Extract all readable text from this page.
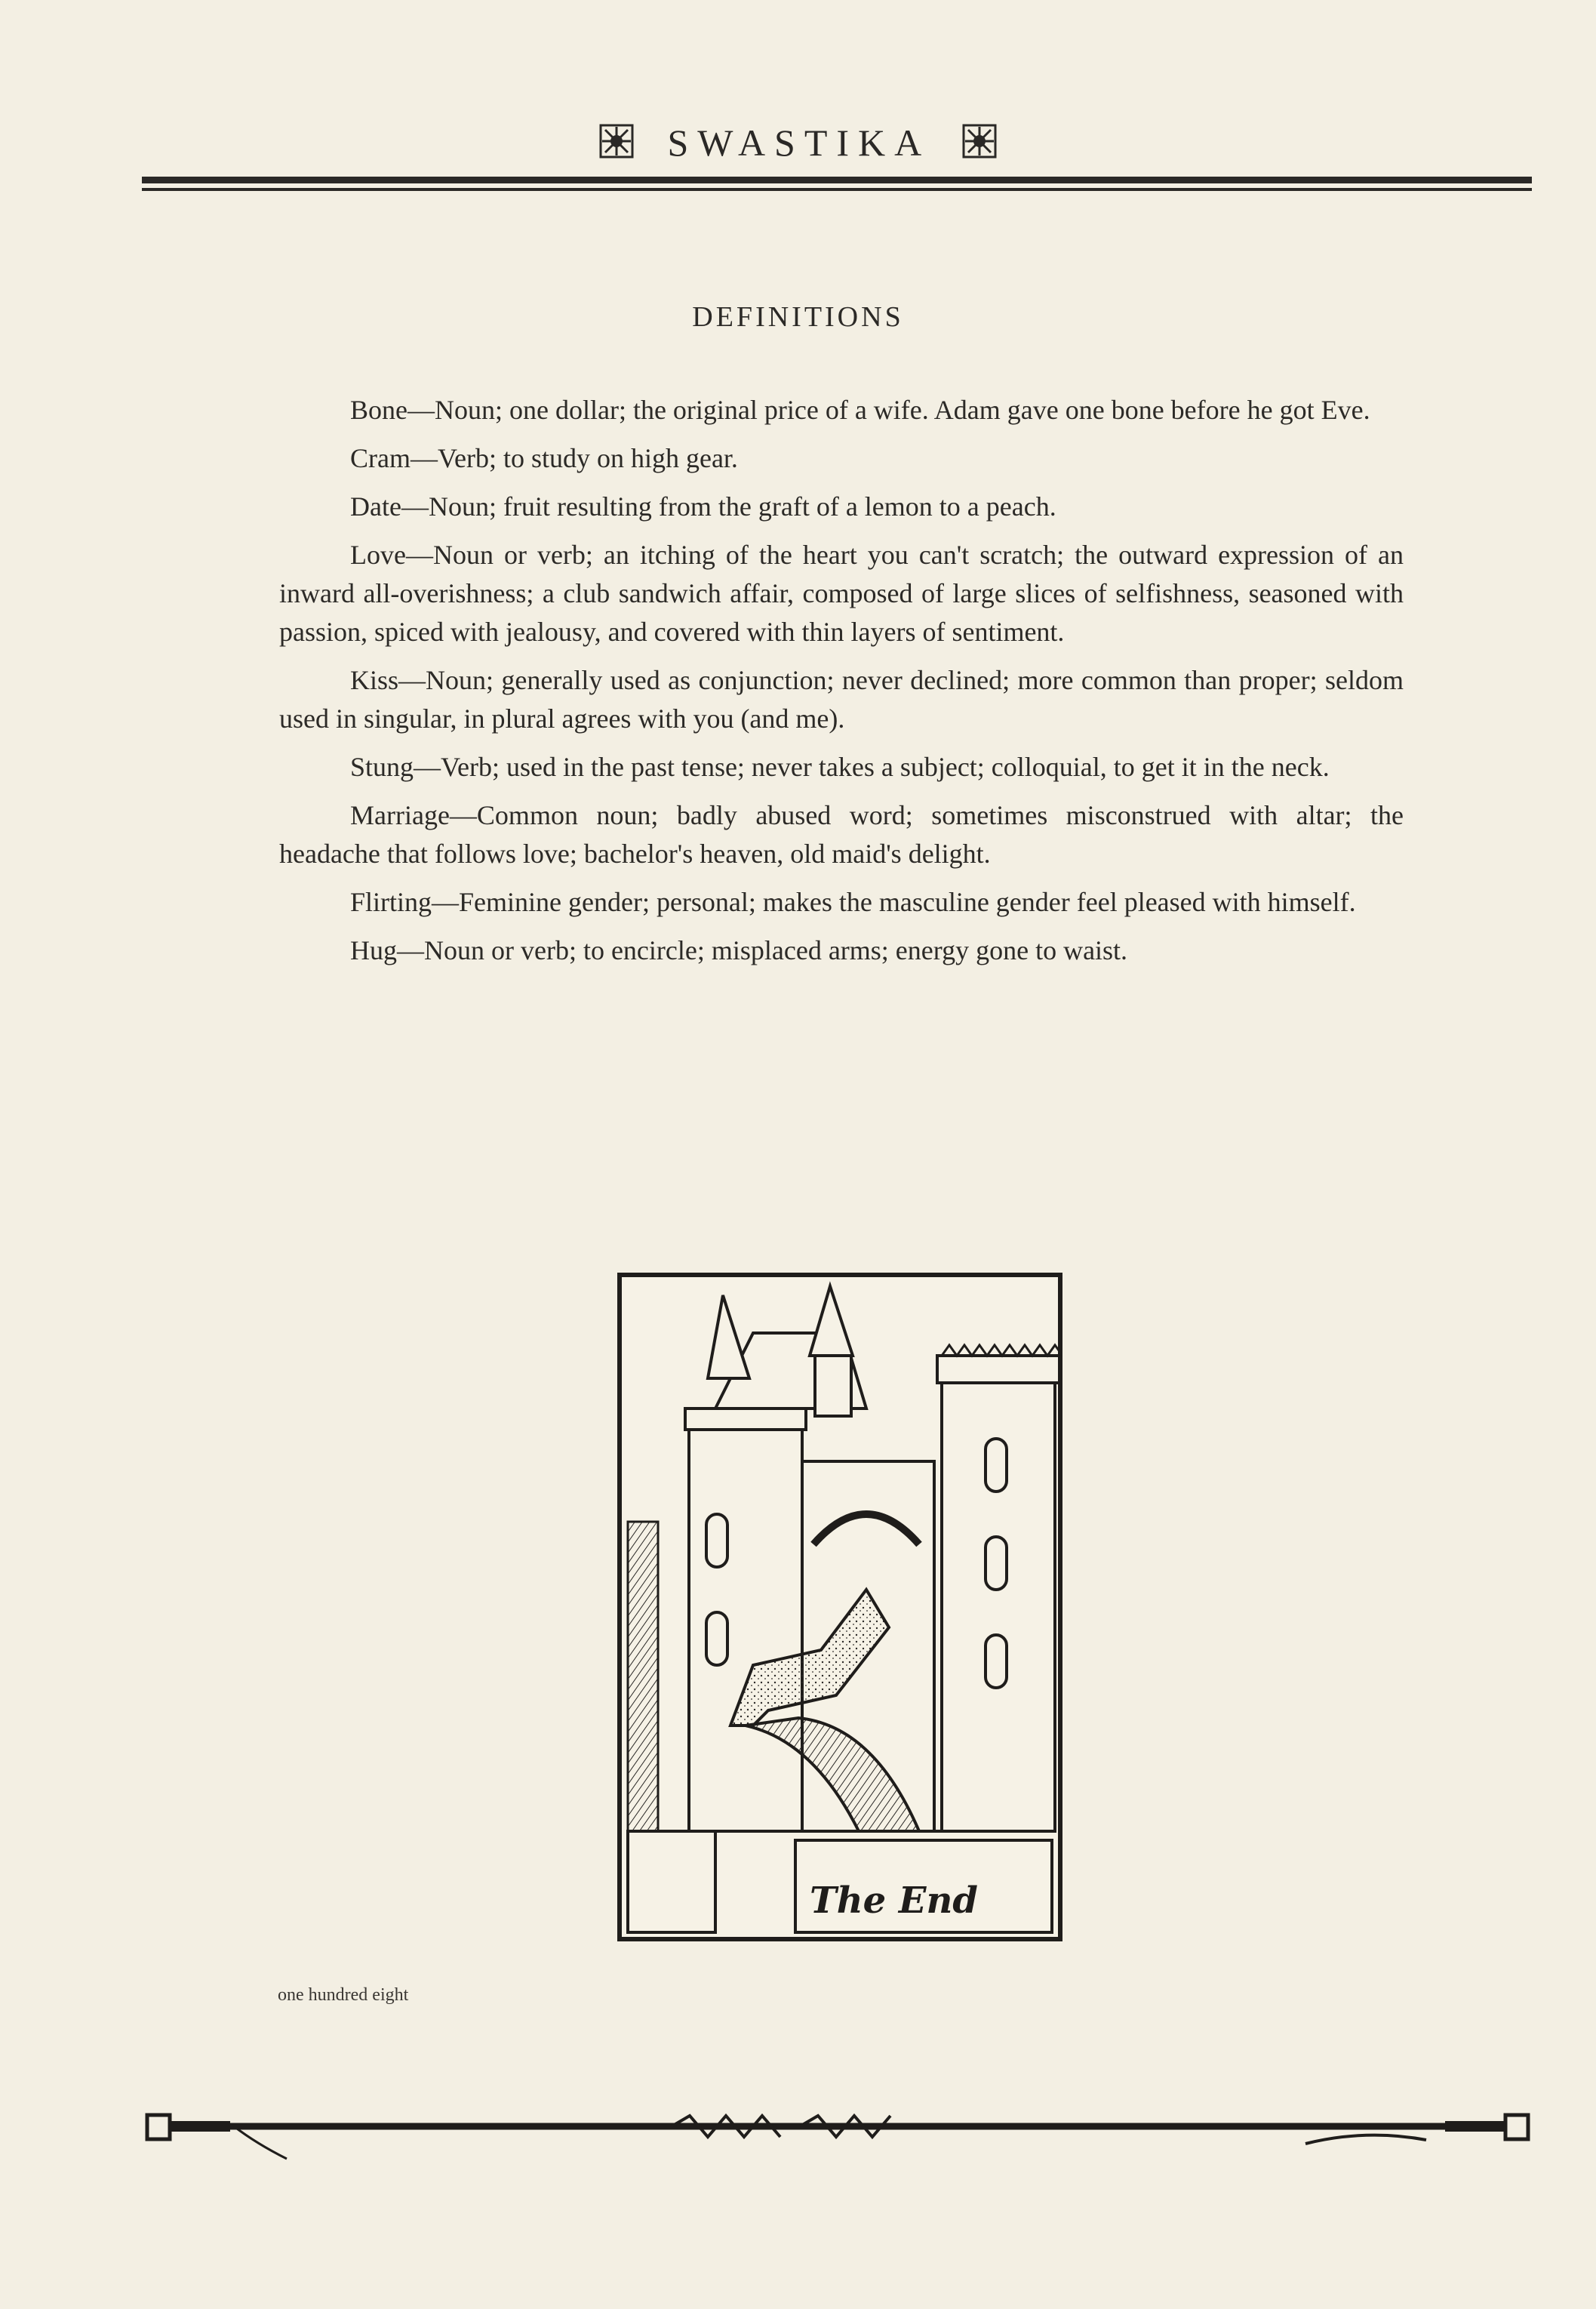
SWASTIKA
DEFINITIONS

Bone—Noun; one dollar; the original price of a wife. Adam gave one bone before he got Eve.

Cram—Verb; to study on high gear.

Date—Noun; fruit resulting from the graft of a lemon to a peach.

Love—Noun or verb; an itching of the heart you can't scratch; the outward expression of an inward all-overishness; a club sandwich affair, composed of large slices of selfishness, seasoned with passion, spiced with jealousy, and covered with thin layers of sentiment.

Kiss—Noun; generally used as conjunction; never declined; more common than proper; seldom used in singular, in plural agrees with you (and me).

Stung—Verb; used in the past tense; never takes a subject; colloquial, to get it in the neck.

Marriage—Common noun; badly abused word; sometimes misconstrued with altar; the headache that follows love; bachelor's heaven, old maid's delight.

Flirting—Feminine gender; personal; makes the masculine gender feel pleased with himself.

Hug—Noun or verb; to encircle; misplaced arms; energy gone to waist.

The End
one hundred eight
